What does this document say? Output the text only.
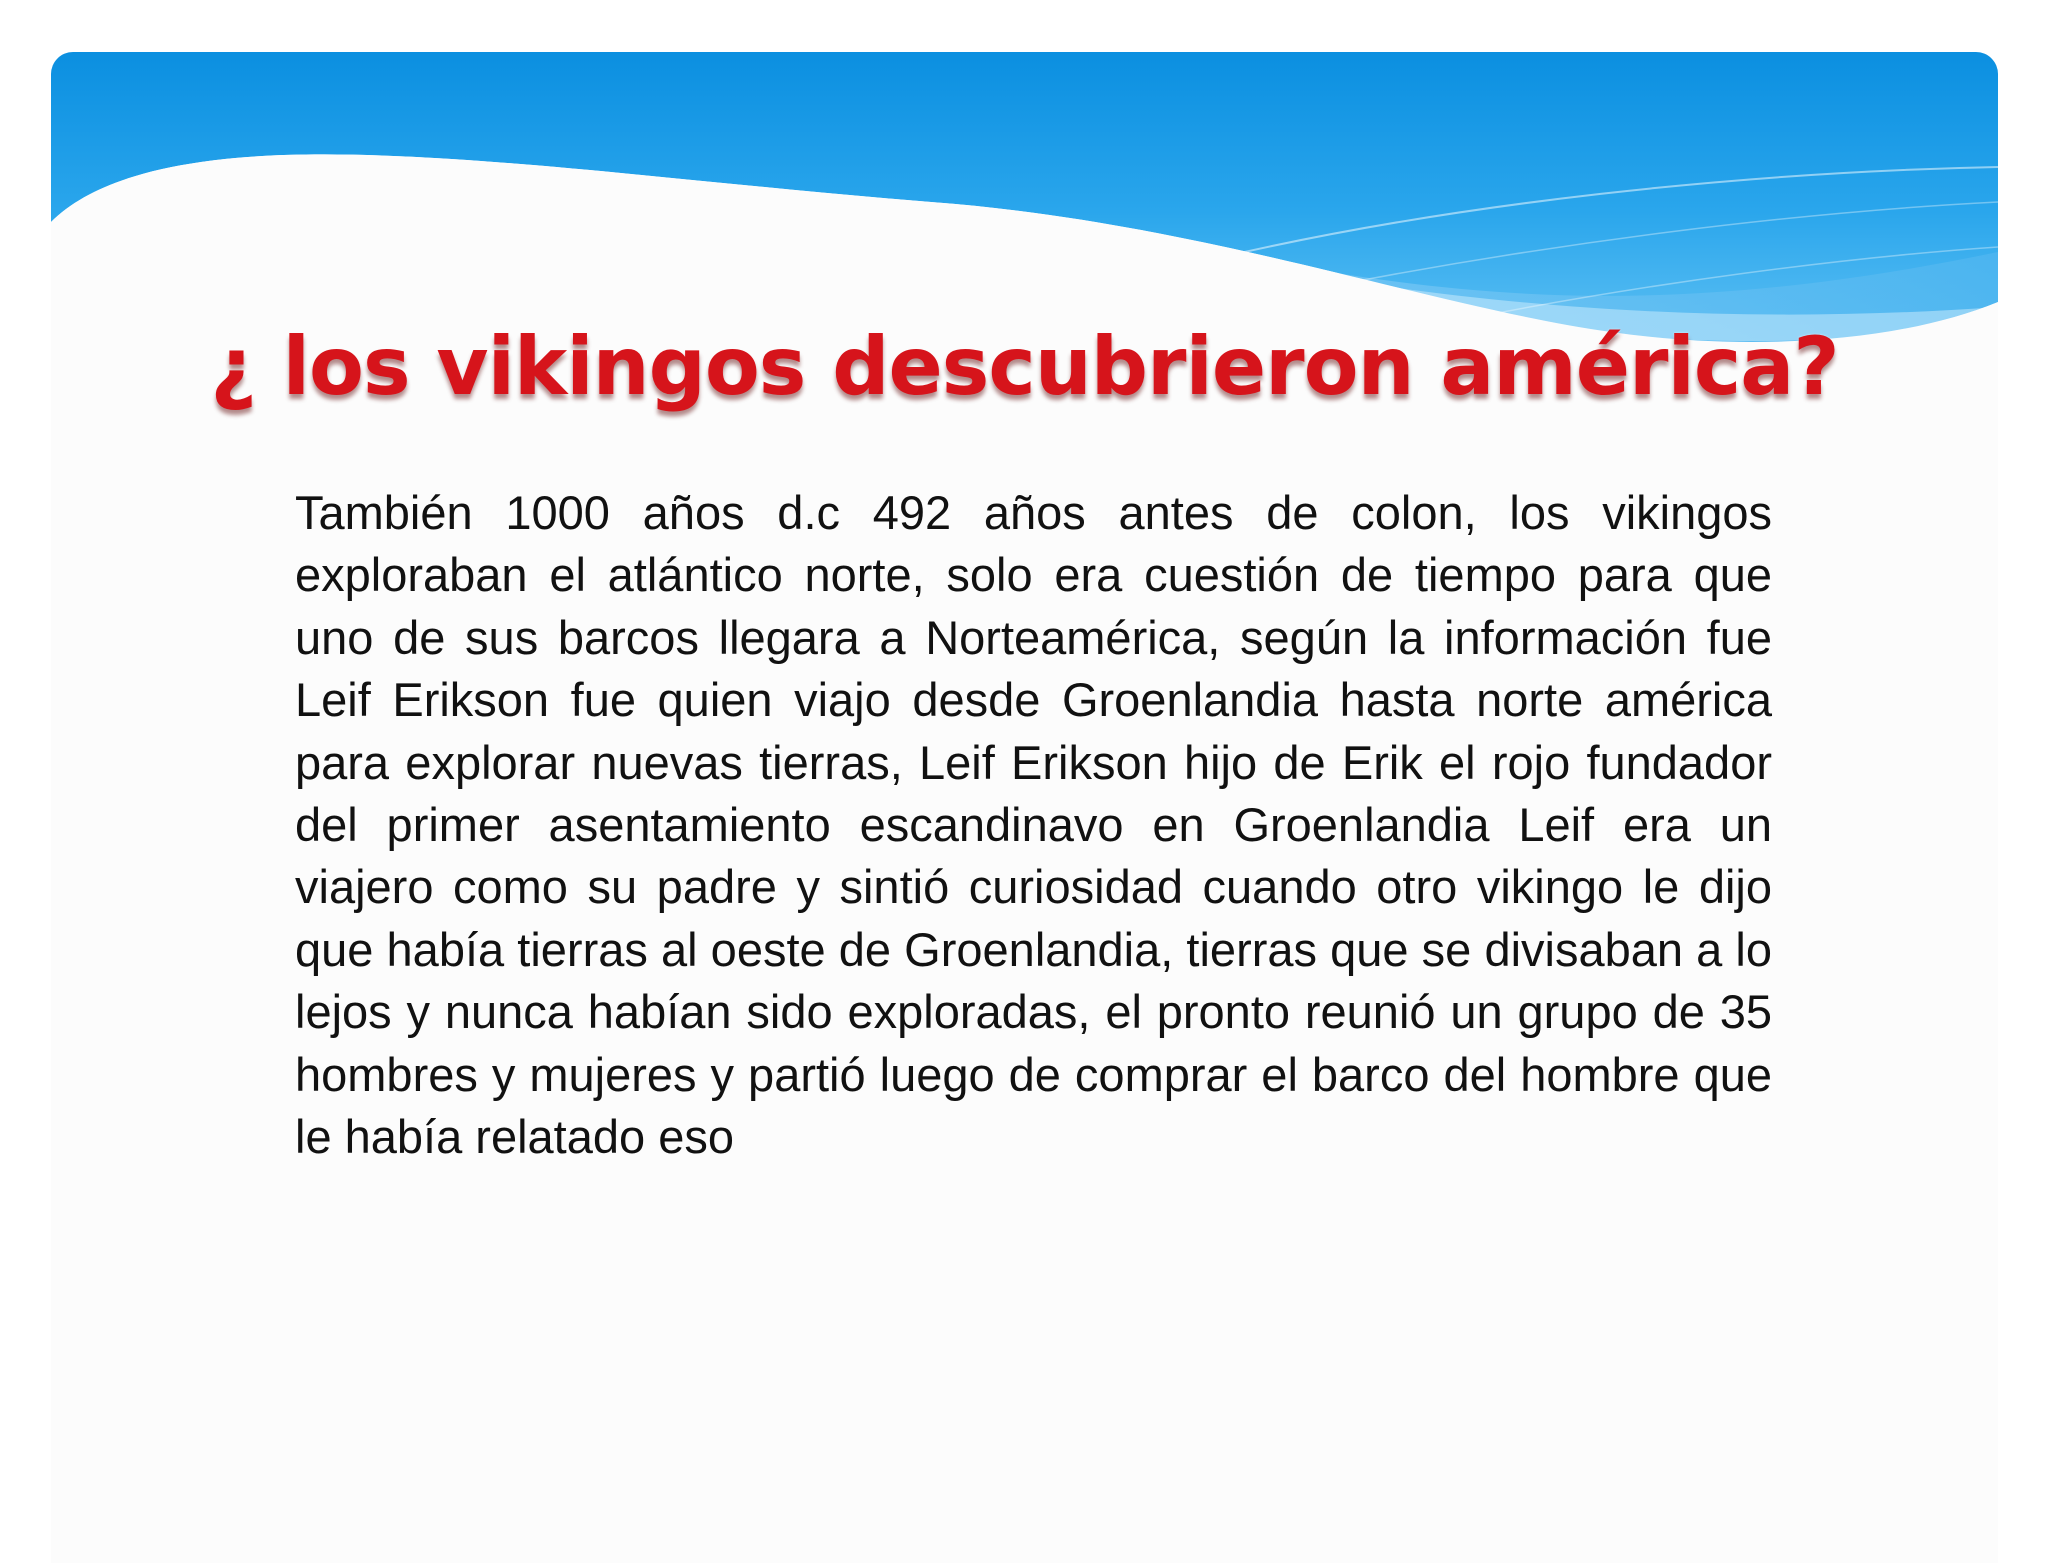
¿ los vikingos descubrieron américa?

También 1000 años d.c 492 años antes de colon, los vikingos exploraban el atlántico norte, solo era cuestión de tiempo para que uno de sus barcos llegara a Norteamérica, según la información fue Leif Erikson fue quien viajo desde Groenlandia hasta norte américa para explorar nuevas tierras, Leif Erikson hijo de Erik el rojo fundador del primer asentamiento escandinavo en Groenlandia Leif era un viajero como su padre y sintió curiosidad cuando otro vikingo le dijo que había tierras al oeste de Groenlandia, tierras que se divisaban a lo lejos y nunca habían sido exploradas, el pronto reunió un grupo de 35 hombres y mujeres y partió luego de comprar el barco del hombre que le había relatado eso
